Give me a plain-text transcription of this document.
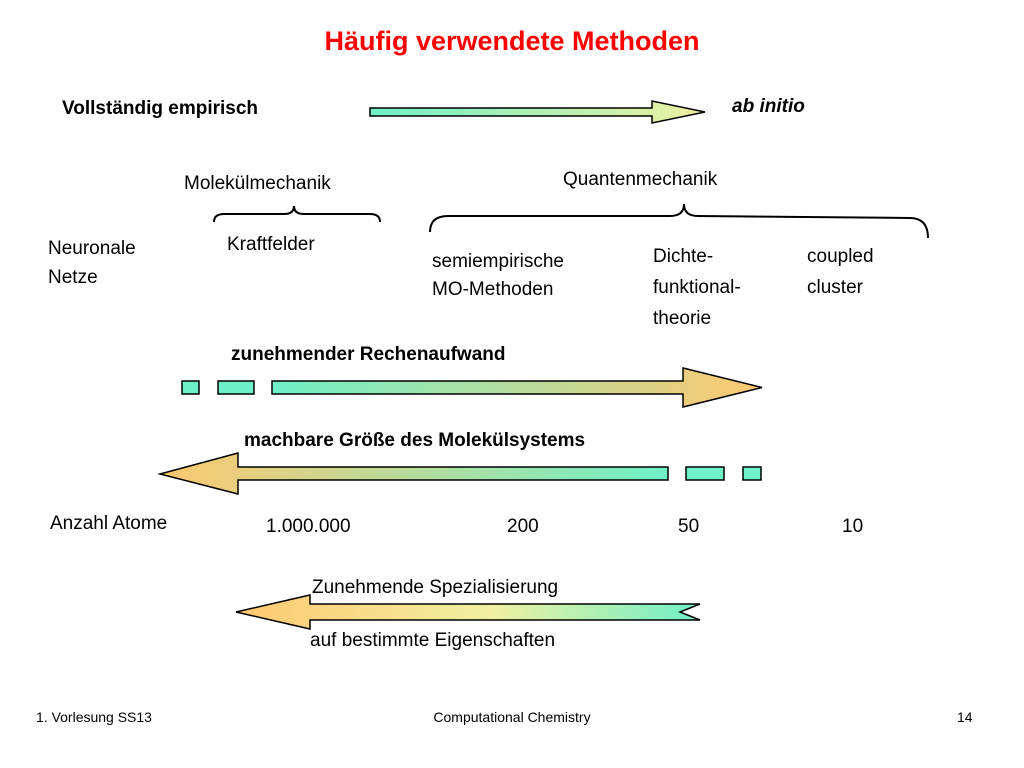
Häufig verwendete Methoden
Vollständig empirisch	ab initio
Molekülmechanik	Quantenmechanik
Neuronale
Netze
Kraftfelder
semiempirische
MO-Methoden
Dichte-
funktional-
theorie
coupled
cluster
zunehmender Rechenaufwand
machbare Größe des Molekülsystems
Anzahl Atome	1.000.000	200	50	10
Zunehmende Spezialisierung
auf bestimmte Eigenschaften
1. Vorlesung SS13	Computational Chemistry	14
